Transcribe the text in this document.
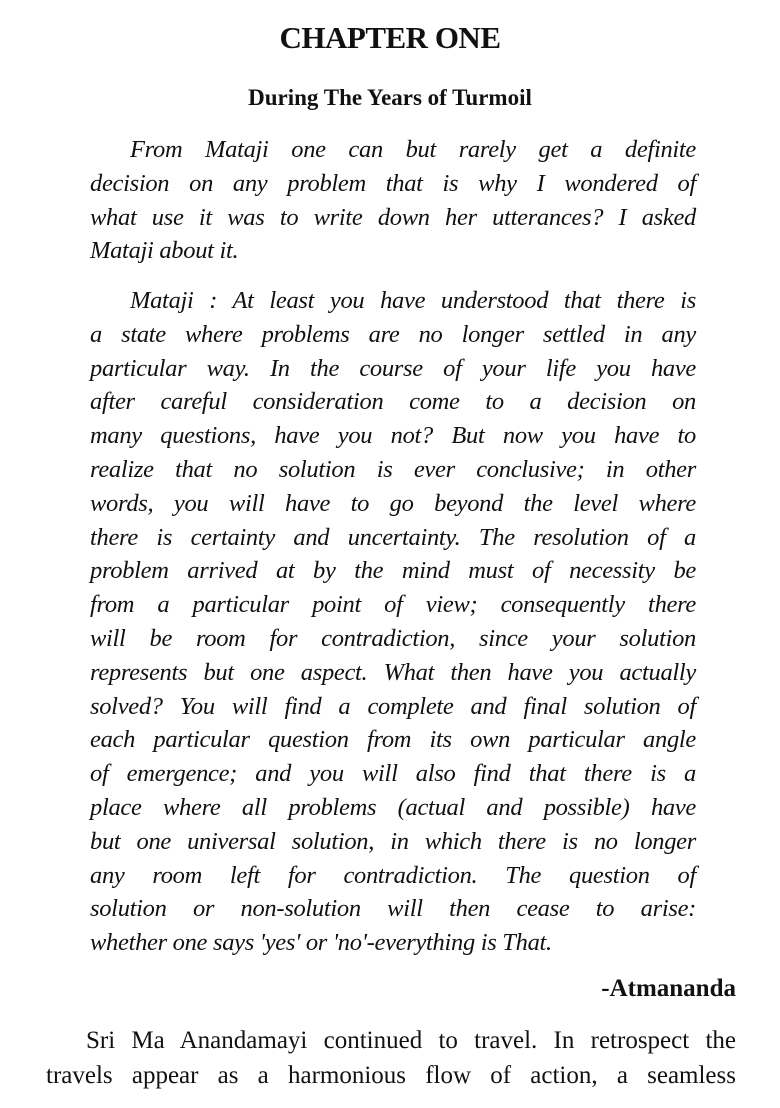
CHAPTER ONE
During The Years of Turmoil
From Mataji one can but rarely get a definite
decision on any problem that is why I wondered of
what use it was to write down her utterances? I asked
Mataji about it.
Mataji : At least you have understood that there is
a state where problems are no longer settled in any
particular way. In the course of your life you have
after careful consideration come to a decision on
many questions, have you not? But now you have to
realize that no solution is ever conclusive; in other
words, you will have to go beyond the level where
there is certainty and uncertainty. The resolution of a
problem arrived at by the mind must of necessity be
from a particular point of view; consequently there
will be room for contradiction, since your solution
represents but one aspect. What then have you actually
solved? You will find a complete and final solution of
each particular question from its own particular angle
of emergence; and you will also find that there is a
place where all problems (actual and possible) have
but one universal solution, in which there is no longer
any room left for contradiction. The question of
solution or non-solution will then cease to arise:
whether one says 'yes' or 'no'-everything is That.
-Atmananda
Sri Ma Anandamayi continued to travel. In retrospect the
travels appear as a harmonious flow of action, a seamless
